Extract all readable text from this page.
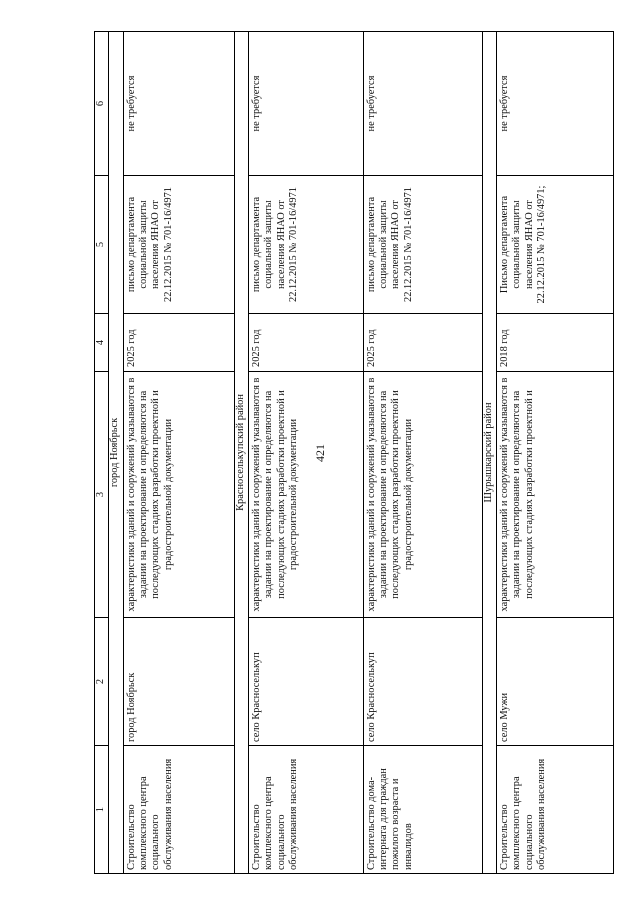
421
1	2	3	4	5	6
город Ноябрьск					
Строительство комплексного центра социального обслуживания населения	город Ноябрьск	характеристики зданий и сооружений указываются в задании на проектирование и определяются на последующих стадиях разработки проектной и градостроительной документации	2025 год	письмо департамента социальной защиты населения ЯНАО от 22.12.2015 № 701-16/4971	не требуется
Красноселькупский район					
Строительство комплексного центра социального обслуживания населения	село Красноселькуп	характеристики зданий и сооружений указываются в задании на проектирование и определяются на последующих стадиях разработки проектной и градостроительной документации	2025 год	письмо департамента социальной защиты населения ЯНАО от 22.12.2015 № 701-16/4971	не требуется
Строительство дома-интерната для граждан пожилого возраста и инвалидов	село Красноселькуп	характеристики зданий и сооружений указываются в задании на проектирование и определяются на последующих стадиях разработки проектной и градостроительной документации	2025 год	письмо департамента социальной защиты населения ЯНАО от 22.12.2015 № 701-16/4971	не требуется
Шурышкарский район					
Строительство комплексного центра социального обслуживания населения	село Мужи	характеристики зданий и сооружений указываются в задании на проектирование и определяются на последующих стадиях разработки проектной и	2018 год	Письмо департамента социальной защиты населения ЯНАО от 22.12.2015 № 701-16/4971;	не требуется
